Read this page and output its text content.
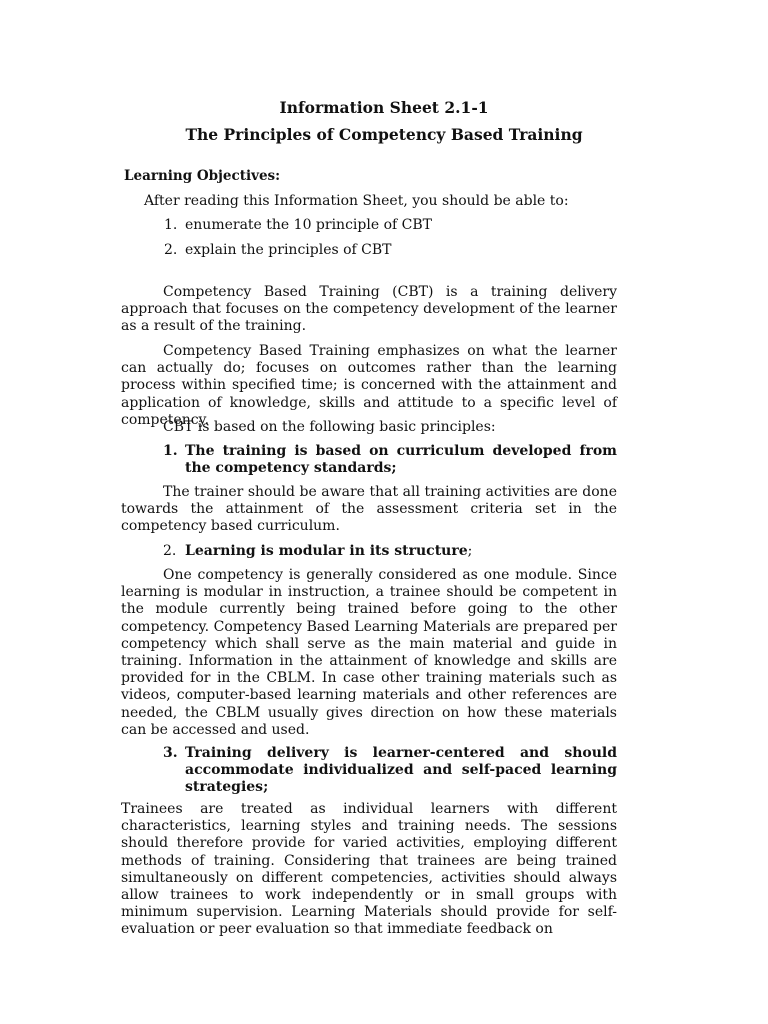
Information Sheet 2.1-1
The Principles of Competency Based Training
Learning Objectives:
After reading this Information Sheet, you should be able to:
1. enumerate the 10 principle of CBT
2. explain the principles of CBT
Competency Based Training (CBT) is a training delivery approach that focuses on the competency development of the learner as a result of the training.
Competency Based Training emphasizes on what the learner can actually do; focuses on outcomes rather than the learning process within specified time; is concerned with the attainment and application of knowledge, skills and attitude to a specific level of competency.
CBT is based on the following basic principles:
1. The training is based on curriculum developed from the competency standards;
The trainer should be aware that all training activities are done towards the attainment of the assessment criteria set in the competency based curriculum.
2. Learning is modular in its structure;
One competency is generally considered as one module. Since learning is modular in instruction, a trainee should be competent in the module currently being trained before going to the other competency. Competency Based Learning Materials are prepared per competency which shall serve as the main material and guide in training. Information in the attainment of knowledge and skills are provided for in the CBLM. In case other training materials such as videos, computer-based learning materials and other references are needed, the CBLM usually gives direction on how these materials can be accessed and used.
3. Training delivery is learner-centered and should accommodate individualized and self-paced learning strategies;
Trainees are treated as individual learners with different characteristics, learning styles and training needs. The sessions should therefore provide for varied activities, employing different methods of training. Considering that trainees are being trained simultaneously on different competencies, activities should always allow trainees to work independently or in small groups with minimum supervision. Learning Materials should provide for self-evaluation or peer evaluation so that immediate feedback on
